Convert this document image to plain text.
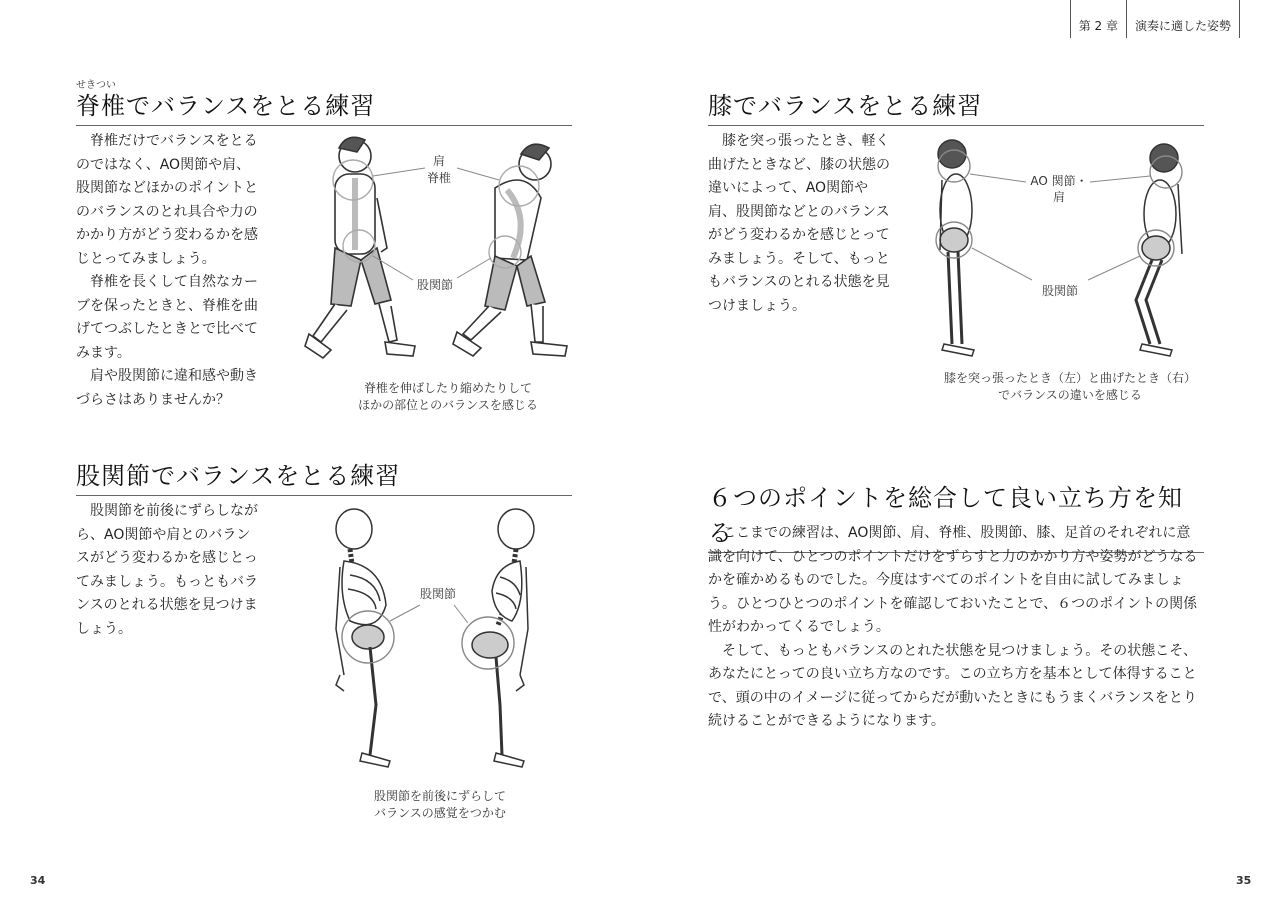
第 2 章	演奏に適した姿勢
せきつい
脊椎でバランスをとる練習

脊椎だけでバランスをとるのではなく、AO関節や肩、股関節などほかのポイントとのバランスのとれ具合や力のかかり方がどう変わるかを感じとってみましょう。

脊椎を長くして自然なカーブを保ったときと、脊椎を曲げてつぶしたときとで比べてみます。

肩や股関節に違和感や動きづらさはありませんか？

肩
脊椎
股関節
脊椎を伸ばしたり縮めたりして
ほかの部位とのバランスを感じる
股関節でバランスをとる練習

股関節を前後にずらしながら、AO関節や肩とのバランスがどう変わるかを感じとってみましょう。もっともバランスのとれる状態を見つけましょう。

股関節
股関節を前後にずらして
バランスの感覚をつかむ
膝でバランスをとる練習

膝を突っ張ったとき、軽く曲げたときなど、膝の状態の違いによって、AO関節や肩、股関節などとのバランスがどう変わるかを感じとってみましょう。そして、もっともバランスのとれる状態を見つけましょう。

AO 関節・
肩
股関節
膝を突っ張ったとき（左）と曲げたとき（右）
でバランスの違いを感じる
６つのポイントを総合して良い立ち方を知る

ここまでの練習は、AO関節、肩、脊椎、股関節、膝、足首のそれぞれに意識を向けて、ひとつのポイントだけをずらすと力のかかり方や姿勢がどうなるかを確かめるものでした。今度はすべてのポイントを自由に試してみましょう。ひとつひとつのポイントを確認しておいたことで、６つのポイントの関係性がわかってくるでしょう。

そして、もっともバランスのとれた状態を見つけましょう。その状態こそ、あなたにとっての良い立ち方なのです。この立ち方を基本として体得することで、頭の中のイメージに従ってからだが動いたときにもうまくバランスをとり続けることができるようになります。

34	35
